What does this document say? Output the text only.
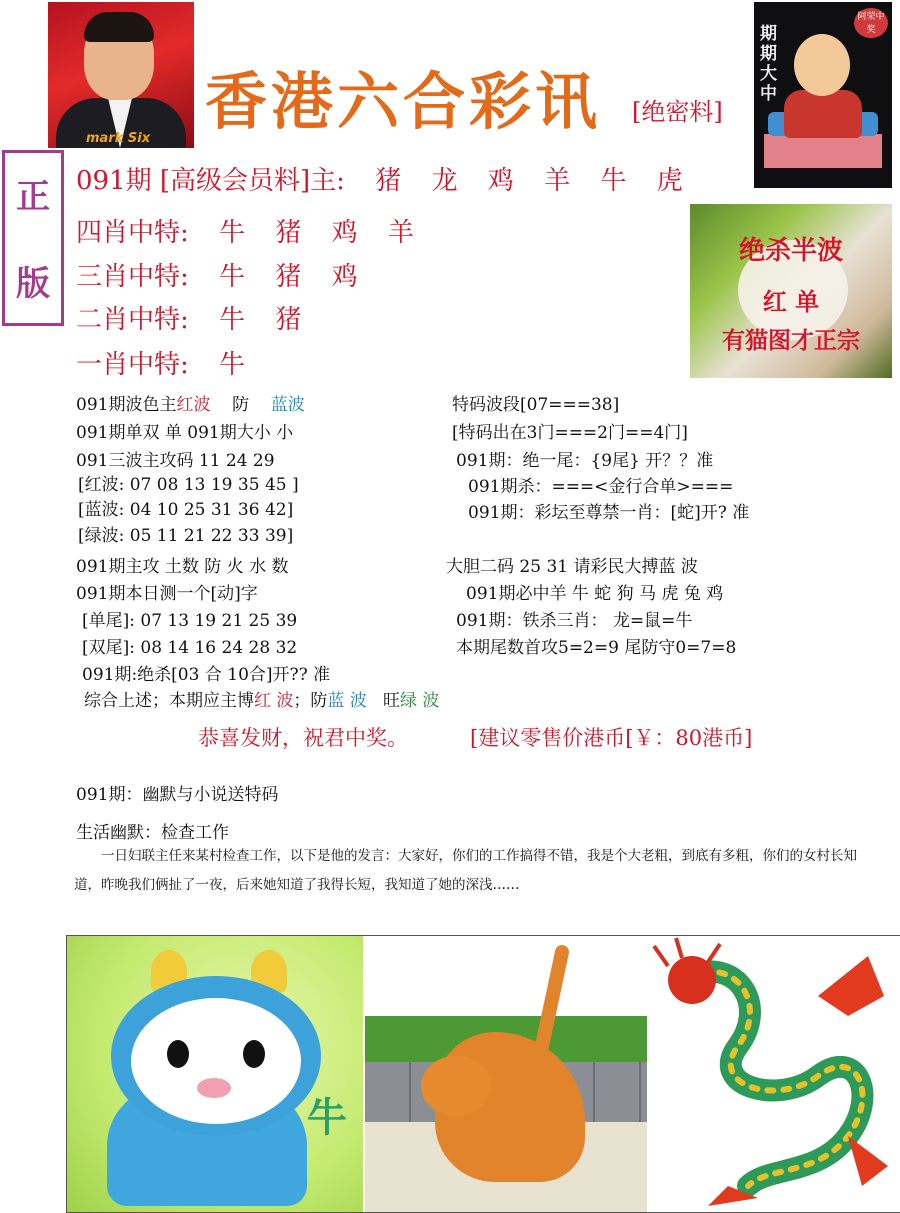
mark Six
香港六合彩讯 [绝密料]
期期大中
阿荣中奖
正
版
091期 [高级会员料]主: 猪 龙 鸡 羊 牛 虎
四肖中特: 牛 猪 鸡 羊
三肖中特: 牛 猪 鸡
二肖中特: 牛 猪
一肖中特: 牛
绝杀半波
红 单
有猫图才正宗
091期波色主红波 防 蓝波
091期单双 单 091期大小 小
091三波主攻码 11 24 29
[红波: 07 08 13 19 35 45 ]
[蓝波: 04 10 25 31 36 42]
[绿波: 05 11 21 22 33 39]
091期主攻 土数 防 火 水 数
091期本日测一个[动]字
[单尾]: 07 13 19 21 25 39
[双尾]: 08 14 16 24 28 32
091期:绝杀[03 合 10合]开?? 准
综合上述；本期应主博红 波；防蓝 波 旺绿 波
特码波段[07===38]
[特码出在3门===2门==4门]
091期：绝一尾：{9尾} 开？？准
091期杀：===<金行合单>===
091期：彩坛至尊禁一肖：[蛇]开? 准
大胆二码 25 31 请彩民大搏蓝 波
091期必中羊 牛 蛇 狗 马 虎 兔 鸡
091期：铁杀三肖： 龙=鼠=牛
本期尾数首攻5=2=9 尾防守0=7=8
恭喜发财，祝君中奖。	[建议零售价港币[￥：80港币]
091期：幽默与小说送特码
生活幽默：检查工作
一日妇联主任来某村检查工作，以下是他的发言：大家好，你们的工作搞得不错，我是个大老粗，到底有多粗，你们的女村长知道，昨晚我们俩扯了一夜，后来她知道了我得长短，我知道了她的深浅……
牛
